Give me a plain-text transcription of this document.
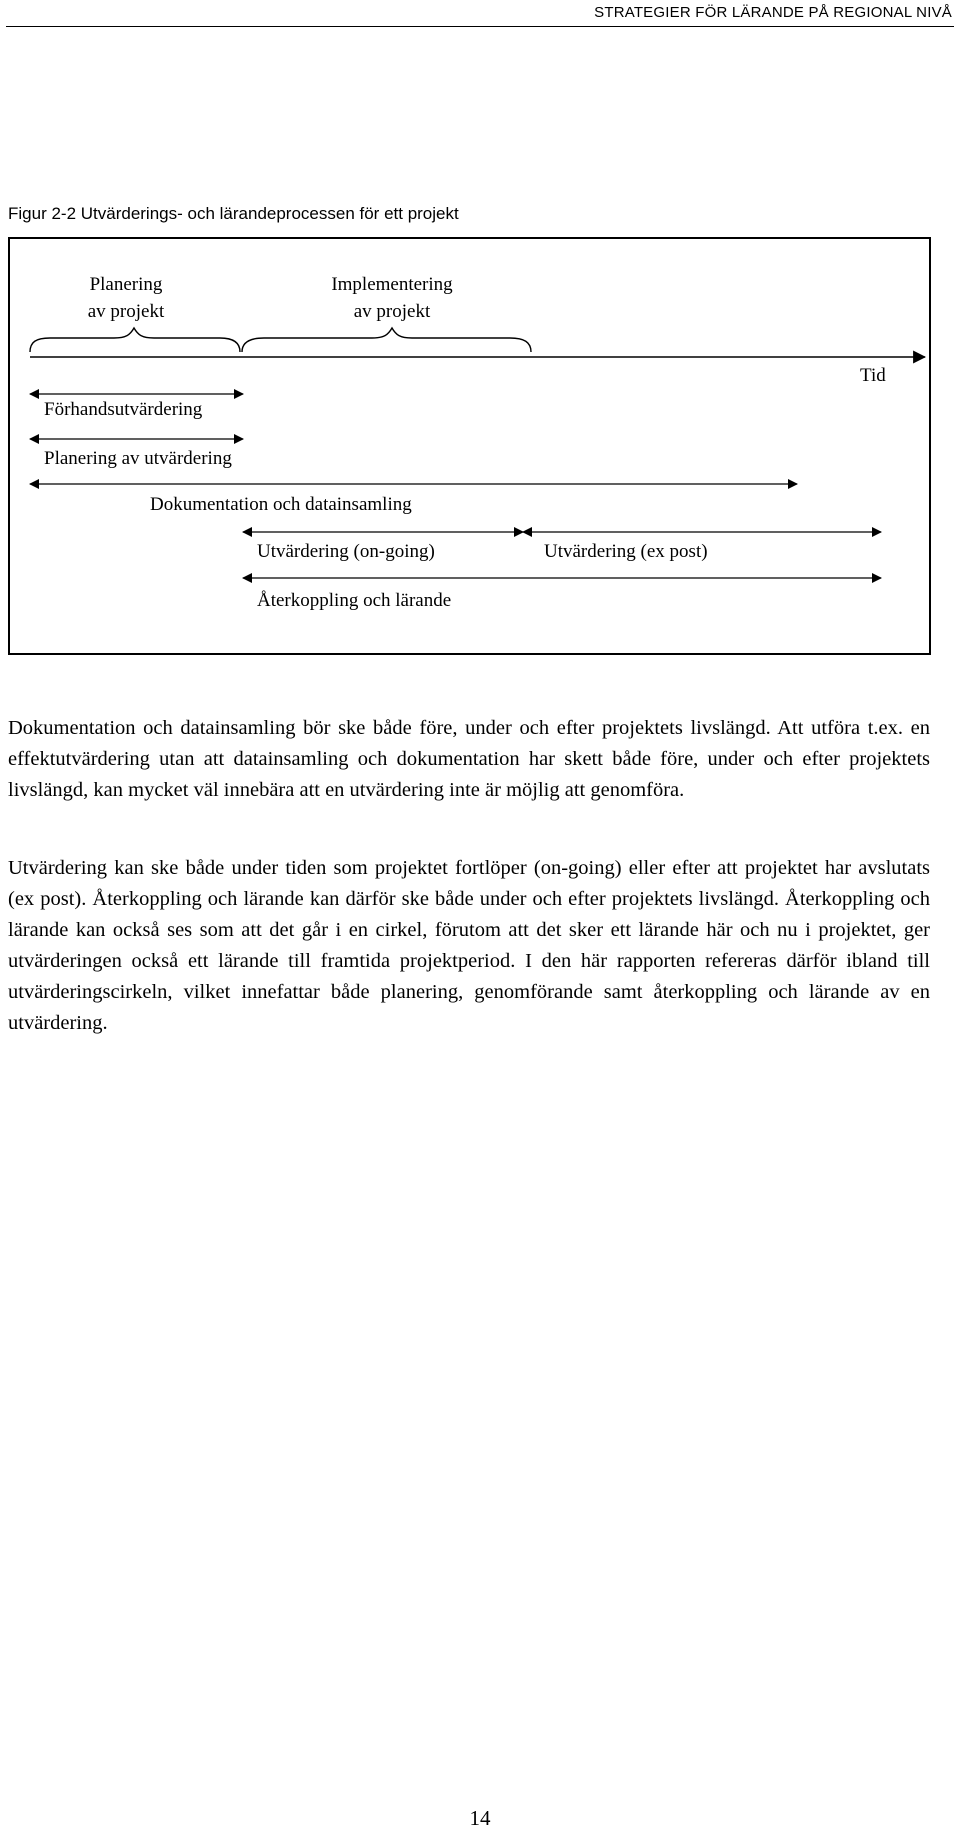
STRATEGIER FÖR LÄRANDE PÅ REGIONAL NIVÅ
Figur 2-2 Utvärderings- och lärandeprocessen för ett projekt
Planering
av projekt
Implementering
av projekt
Tid
Förhandsutvärdering
Planering av utvärdering
Dokumentation och datainsamling
Utvärdering (on-going)	Utvärdering (ex post)
Återkoppling och lärande

Dokumentation och datainsamling bör ske både före, under och efter projektets livslängd. Att utföra t.ex. en effektutvärdering utan att datainsamling och dokumentation har skett både före, under och efter projektets livslängd, kan mycket väl innebära att en utvärdering inte är möjlig att genomföra.

Utvärdering kan ske både under tiden som projektet fortlöper (on-going) eller efter att projektet har avslutats (ex post). Återkoppling och lärande kan därför ske både under och efter projektets livslängd. Återkoppling och lärande kan också ses som att det går i en cirkel, förutom att det sker ett lärande här och nu i projektet, ger utvärderingen också ett lärande till framtida projektperiod. I den här rapporten refereras därför ibland till utvärderingscirkeln, vilket innefattar både planering, genomförande samt återkoppling och lärande av en utvärdering.

14
